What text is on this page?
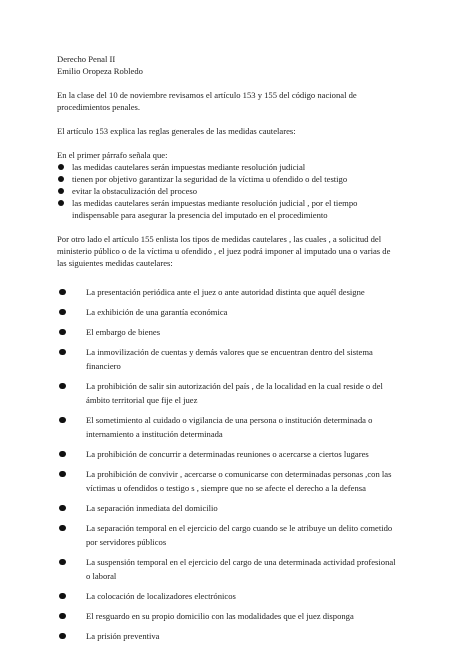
Derecho Penal II
Emilio Oropeza Robledo
En la clase del 10 de noviembre revisamos el artículo 153 y 155 del código nacional de
procedimientos penales.
El artículo 153 explica las reglas generales de las medidas cautelares:
En el primer párrafo señala que:
las medidas cautelares serán impuestas mediante resolución judicial
tienen por objetivo garantizar la seguridad de la víctima u ofendido o del testigo
evitar la obstaculización del proceso
las medidas cautelares serán impuestas mediante resolución judicial , por el tiempo
indispensable para asegurar la presencia del imputado en el procedimiento
Por otro lado el artículo 155 enlista los tipos de medidas cautelares , las cuales , a solicitud del
ministerio público o de la víctima u ofendido , el juez podrá imponer al imputado una o varias de
las siguientes medidas cautelares:
La presentación periódica ante el juez o ante autoridad distinta que aquél designe
La exhibición de una garantía económica
El embargo de bienes
La inmovilización de cuentas y demás valores que se encuentran dentro del sistema
financiero
La prohibición de salir sin autorización del país , de la localidad en la cual reside o del
ámbito territorial que fije el juez
El sometimiento al cuidado o vigilancia de una persona o institución determinada o
internamiento a institución determinada
La prohibición de concurrir a determinadas reuniones o acercarse a ciertos lugares
La prohibición de convivir , acercarse o comunicarse con determinadas personas ,con las
víctimas u ofendidos o testigo s , siempre que no se afecte el derecho a la defensa
La separación inmediata del domicilio
La separación temporal en el ejercicio del cargo cuando se le atribuye un delito cometido
por servidores públicos
La suspensión temporal en el ejercicio del cargo de una determinada actividad profesional
o laboral
La colocación de localizadores electrónicos
El resguardo en su propio domicilio con las modalidades que el juez disponga
La prisión preventiva
